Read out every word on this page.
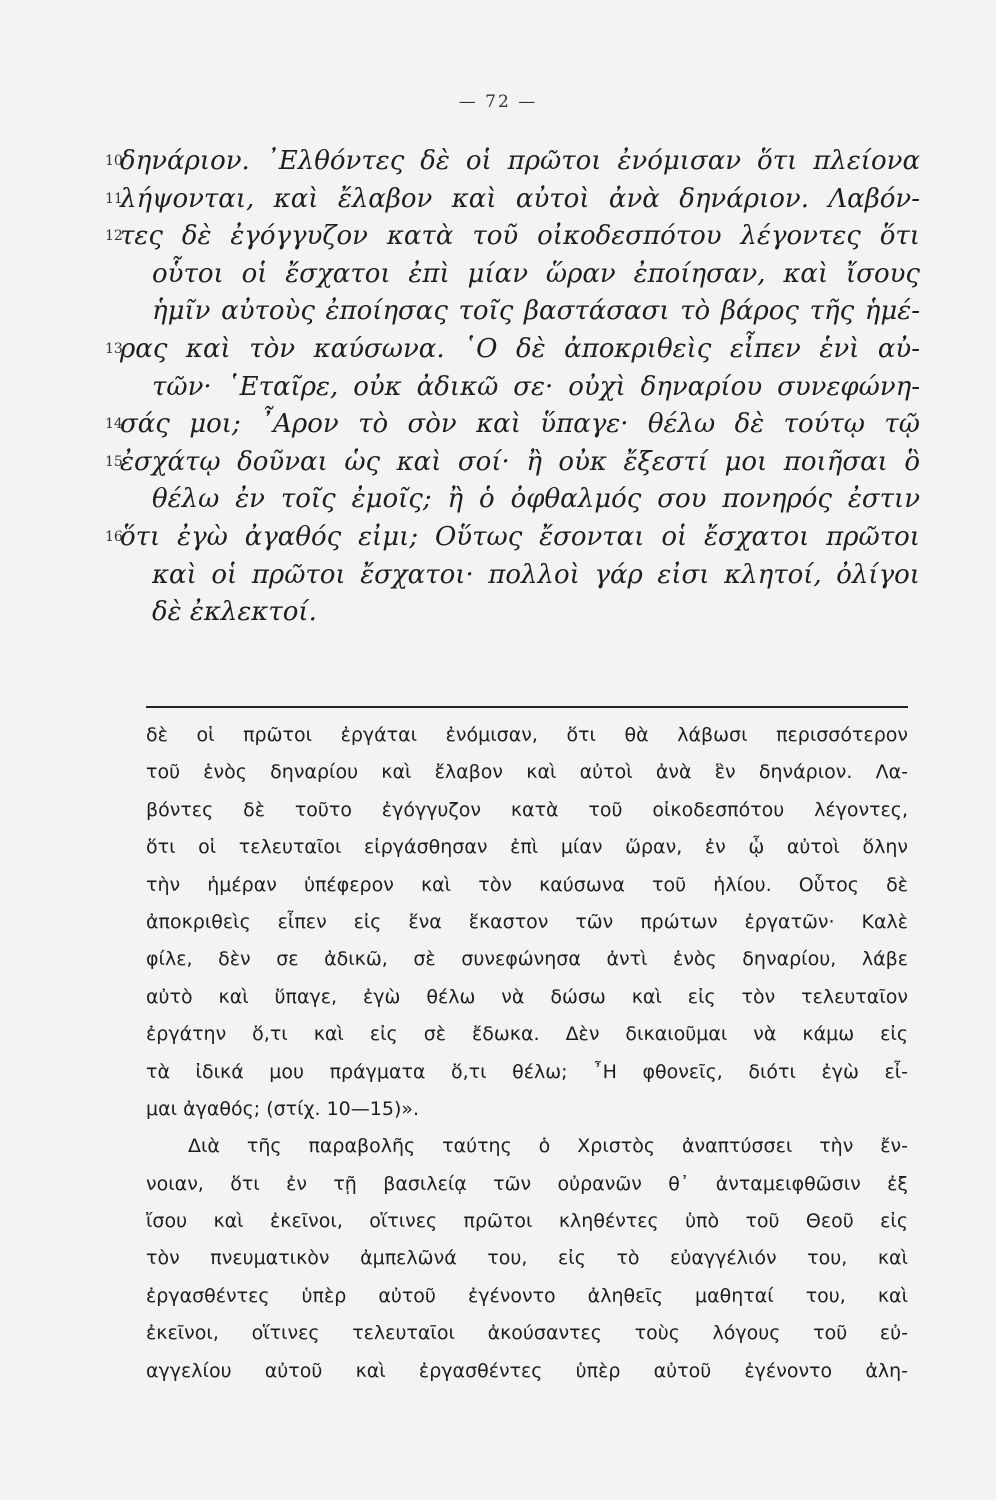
— 72 —
10
δηνάριον. ᾿Ελθόντες δὲ οἱ πρῶτοι ἐνόμισαν ὅτι πλείονα
11
λήψονται, καὶ ἔλαβον καὶ αὐτοὶ ἀνὰ δηνάριον. Λαβόν-
12
τες δὲ ἐγόγγυζον κατὰ τοῦ οἰκοδεσπότου λέγοντες ὅτι
οὗτοι οἱ ἔσχατοι ἐπὶ μίαν ὥραν ἐποίησαν, καὶ ἴσους
ἡμῖν αὐτοὺς ἐποίησας τοῖς βαστάσασι τὸ βάρος τῆς ἡμέ-
13
ρας καὶ τὸν καύσωνα. ῾Ο δὲ ἀποκριθεὶς εἶπεν ἑνὶ αὐ-
τῶν· ῾Εταῖρε, οὐκ ἀδικῶ σε· οὐχὶ δηναρίου συνεφώνη-
14
σάς μοι; ῏Αρον τὸ σὸν καὶ ὕπαγε· θέλω δὲ τούτῳ τῷ
15
ἐσχάτῳ δοῦναι ὡς καὶ σοί· ἢ οὐκ ἔξεστί μοι ποιῆσαι ὃ
θέλω ἐν τοῖς ἐμοῖς; ἢ ὁ ὀφθαλμός σου πονηρός ἐστιν
16
ὅτι ἐγὼ ἀγαθός εἰμι; Οὕτως ἔσονται οἱ ἔσχατοι πρῶτοι
καὶ οἱ πρῶτοι ἔσχατοι· πολλοὶ γάρ εἰσι κλητοί, ὀλίγοι
δὲ ἐκλεκτοί.
δὲ οἱ πρῶτοι ἐργάται ἐνόμισαν, ὅτι θὰ λάβωσι περισσότερον
τοῦ ἑνὸς δηναρίου καὶ ἔλαβον καὶ αὐτοὶ ἀνὰ ἓν δηνάριον. Λα-
βόντες δὲ τοῦτο ἐγόγγυζον κατὰ τοῦ οἰκοδεσπότου λέγοντες,
ὅτι οἱ τελευταῖοι εἰργάσθησαν ἐπὶ μίαν ὥραν, ἐν ᾧ αὐτοὶ ὅλην
τὴν ἡμέραν ὑπέφερον καὶ τὸν καύσωνα τοῦ ἡλίου. Οὗτος δὲ
ἀποκριθεὶς εἶπεν εἰς ἕνα ἕκαστον τῶν πρώτων ἐργατῶν· Καλὲ
φίλε, δὲν σε ἀδικῶ, σὲ συνεφώνησα ἀντὶ ἑνὸς δηναρίου, λάβε
αὐτὸ καὶ ὕπαγε, ἐγὼ θέλω νὰ δώσω καὶ εἰς τὸν τελευταῖον
ἐργάτην ὅ,τι καὶ εἰς σὲ ἔδωκα. Δὲν δικαιοῦμαι νὰ κάμω εἰς
τὰ ἰδικά μου πράγματα ὅ,τι θέλω; ῏Η φθονεῖς, διότι ἐγὼ εἶ-
μαι ἀγαθός; (στίχ. 10—15)».
Διὰ τῆς παραβολῆς ταύτης ὁ Χριστὸς ἀναπτύσσει τὴν ἔν-
νοιαν, ὅτι ἐν τῇ βασιλείᾳ τῶν οὐρανῶν θ᾿ ἀνταμειφθῶσιν ἐξ
ἴσου καὶ ἐκεῖνοι, οἵτινες πρῶτοι κληθέντες ὑπὸ τοῦ Θεοῦ εἰς
τὸν πνευματικὸν ἀμπελῶνά του, εἰς τὸ εὐαγγέλιόν του, καὶ
ἐργασθέντες ὑπὲρ αὐτοῦ ἐγένοντο ἀληθεῖς μαθηταί του, καὶ
ἐκεῖνοι, οἵτινες τελευταῖοι ἀκούσαντες τοὺς λόγους τοῦ εὐ-
αγγελίου αὐτοῦ καὶ ἐργασθέντες ὑπὲρ αὐτοῦ ἐγένοντο ἀλη-
